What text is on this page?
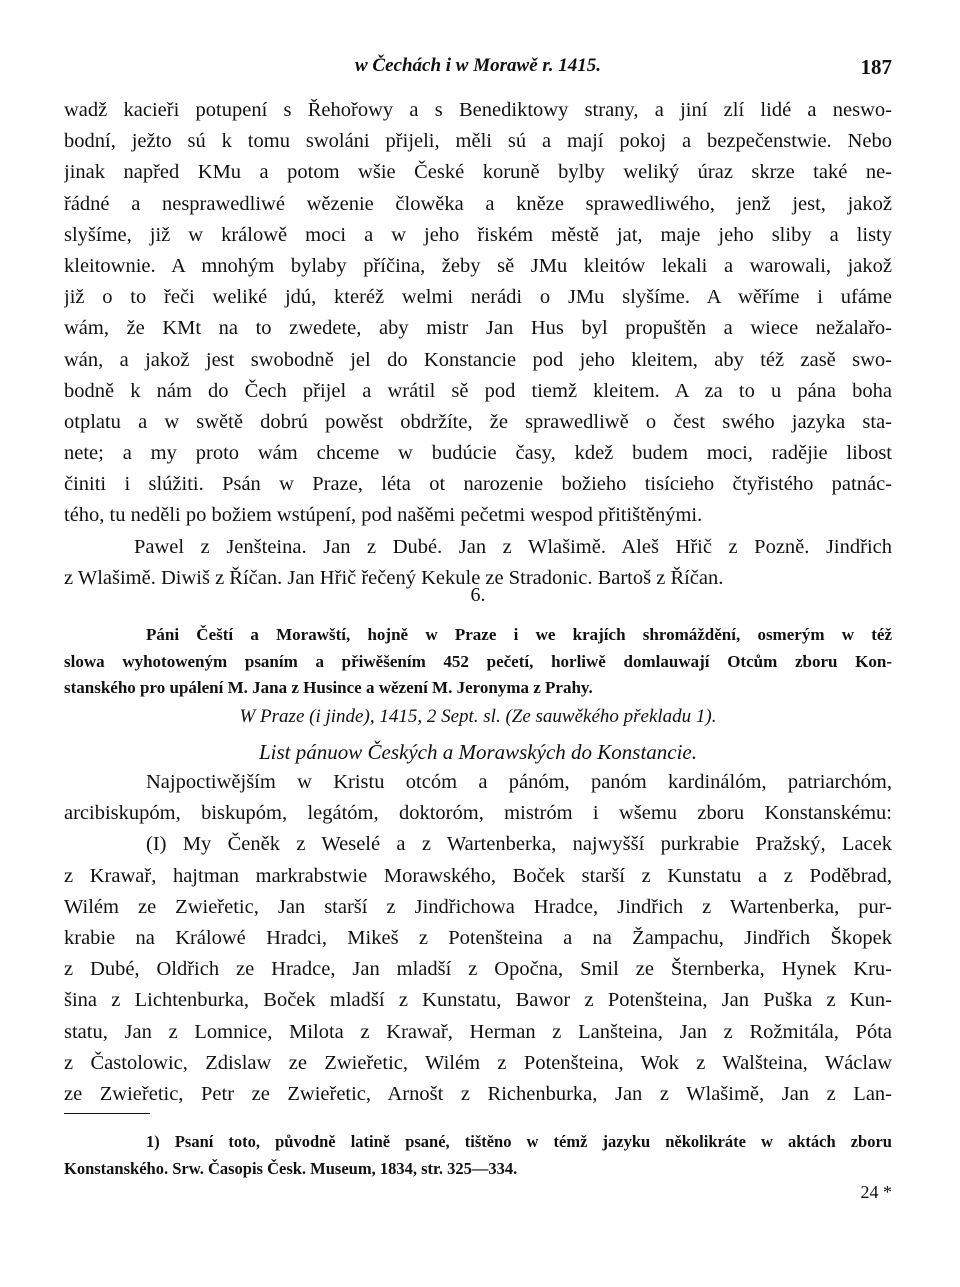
w Čechách i w Morawě r. 1415.	187
wadž kacieři potupení s Řehořowy a s Benediktowy strany, a jiní zlí lidé a neswo-
bodní, ježto sú k tomu swoláni přijeli, měli sú a mají pokoj a bezpečenstwie. Nebo
jinak napřed KMu a potom wšie České koruně bylby weliký úraz skrze také ne-
řádné a nesprawedliwé wězenie člowěka a kněze sprawedliwého, jenž jest, jakož
slyšíme, již w králowě moci a w jeho řiském městě jat, maje jeho sliby a listy
kleitownie. A mnohým bylaby příčina, žeby sě JMu kleitów lekali a warowali, jakož
již o to řeči weliké jdú, kteréž welmi nerádi o JMu slyšíme. A wěříme i ufáme
wám, že KMt na to zwedete, aby mistr Jan Hus byl propuštěn a wiece nežalařo-
wán, a jakož jest swobodně jel do Konstancie pod jeho kleitem, aby též zasě swo-
bodně k nám do Čech přijel a wrátil sě pod tiemž kleitem. A za to u pána boha
otplatu a w swětě dobrú powěst obdržíte, že sprawedliwě o čest swého jazyka sta-
nete; a my proto wám chceme w budúcie časy, kdež budem moci, radějie libost
činiti i slúžiti. Psán w Praze, léta ot narozenie božieho tisícieho čtyřistého patnác-
tého, tu neděli po božiem wstúpení, pod našěmi pečetmi wespod přitištěnými.
Pawel z Jenšteina. Jan z Dubé. Jan z Wlašimě. Aleš Hřič z Pozně. Jindřich
z Wlašimě. Diwiš z Říčan. Jan Hřič řečený Kekule ze Stradonic. Bartoš z Říčan.
6.
Páni Čeští a Morawští, hojně w Praze i we krajích shromáždění, osmerým w též
slowa wyhotoweným psaním a přiwěšením 452 pečetí, horliwě domlauwají Otcům zboru Kon-
stanského pro upálení M. Jana z Husince a wězení M. Jeronyma z Prahy.
W Praze (i jinde), 1415, 2 Sept. sl. (Ze sauwěkého překladu 1).
List pánuow Českých a Morawských do Konstancie.
Najpoctiwějším w Kristu otcóm a pánóm, panóm kardinálóm, patriarchóm,
arcibiskupóm, biskupóm, legátóm, doktoróm, mistróm i wšemu zboru Konstanskému:
(I) My Čeněk z Weselé a z Wartenberka, najwyšší purkrabie Pražský, Lacek
z Krawař, hajtman markrabstwie Morawského, Boček starší z Kunstatu a z Poděbrad,
Wilém ze Zwieřetic, Jan starší z Jindřichowa Hradce, Jindřich z Wartenberka, pur-
krabie na Králowé Hradci, Mikeš z Potenšteina a na Žampachu, Jindřich Škopek
z Dubé, Oldřich ze Hradce, Jan mladší z Opočna, Smil ze Šternberka, Hynek Kru-
šina z Lichtenburka, Boček mladší z Kunstatu, Bawor z Potenšteina, Jan Puška z Kun-
statu, Jan z Lomnice, Milota z Krawař, Herman z Lanšteina, Jan z Rožmitála, Póta
z Častolowic, Zdislaw ze Zwieřetic, Wilém z Potenšteina, Wok z Walšteina, Wáclaw
ze Zwieřetic, Petr ze Zwieřetic, Arnošt z Richenburka, Jan z Wlašimě, Jan z Lan-
1) Psaní toto, původně latině psané, tištěno w témž jazyku několikráte w aktách zboru
Konstanského. Srw. Časopis Česk. Museum, 1834, str. 325—334.
24 *
